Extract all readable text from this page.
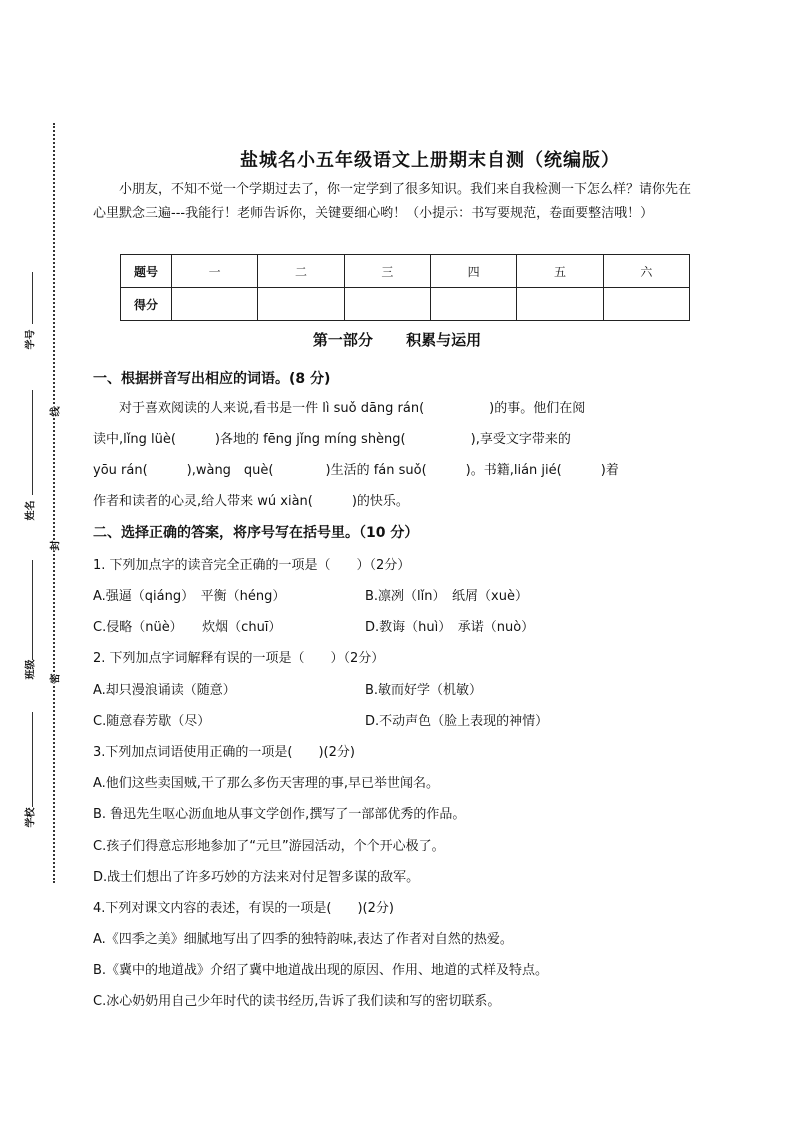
学号
线
姓名
封
班级	密
学校
盐城名小五年级语文上册期末自测（统编版）
小朋友，不知不觉一个学期过去了，你一定学到了很多知识。我们来自我检测一下怎么样？请你先在心里默念三遍---我能行！老师告诉你，关键要细心哟！（小提示：书写要规范，卷面要整洁哦！）
题号	一	二	三	四	五	六
得分						
第一部分 积累与运用
一、根据拼音写出相应的词语。(8 分)

　　对于喜欢阅读的人来说,看书是一件 lì suǒ dāng rán(　　　　　)的事。他们在阅

读中,lǐng lüè(　　　)各地的 fēng jǐng míng shèng(　　　　　),享受文字带来的

yōu rán(　　　),wàng　què(　　　　)生活的 fán suǒ(　　　)。书籍,lián jié(　　　)着

作者和读者的心灵,给人带来 wú xiàn(　　　)的快乐。

二、选择正确的答案，将序号写在括号里。（10 分）
1. 下列加点字的读音完全正确的一项是（　　）（2分）
A.强逼（qiáng）　平衡（héng）	B.凛冽（lǐn）　纸屑（xuè）
C.侵略（nüè）　　炊烟（chuī）	D.教诲（huì）　承诺（nuò）
2. 下列加点字词解释有误的一项是（　　）（2分）
A.却只漫浪诵读（随意）	B.敏而好学（机敏）
C.随意春芳歇（尽）	D.不动声色（脸上表现的神情）
3.下列加点词语使用正确的一项是(　　)(2分)
A.他们这些卖国贼,干了那么多伤天害理的事,早已举世闻名。
B. 鲁迅先生呕心沥血地从事文学创作,撰写了一部部优秀的作品。
C.孩子们得意忘形地参加了“元旦”游园活动，个个开心极了。
D.战士们想出了许多巧妙的方法来对付足智多谋的敌军。
4.下列对课文内容的表述，有误的一项是(　　)(2分)
A.《四季之美》细腻地写出了四季的独特韵味,表达了作者对自然的热爱。
B.《冀中的地道战》介绍了冀中地道战出现的原因、作用、地道的式样及特点。
C.冰心奶奶用自己少年时代的读书经历,告诉了我们读和写的密切联系。
